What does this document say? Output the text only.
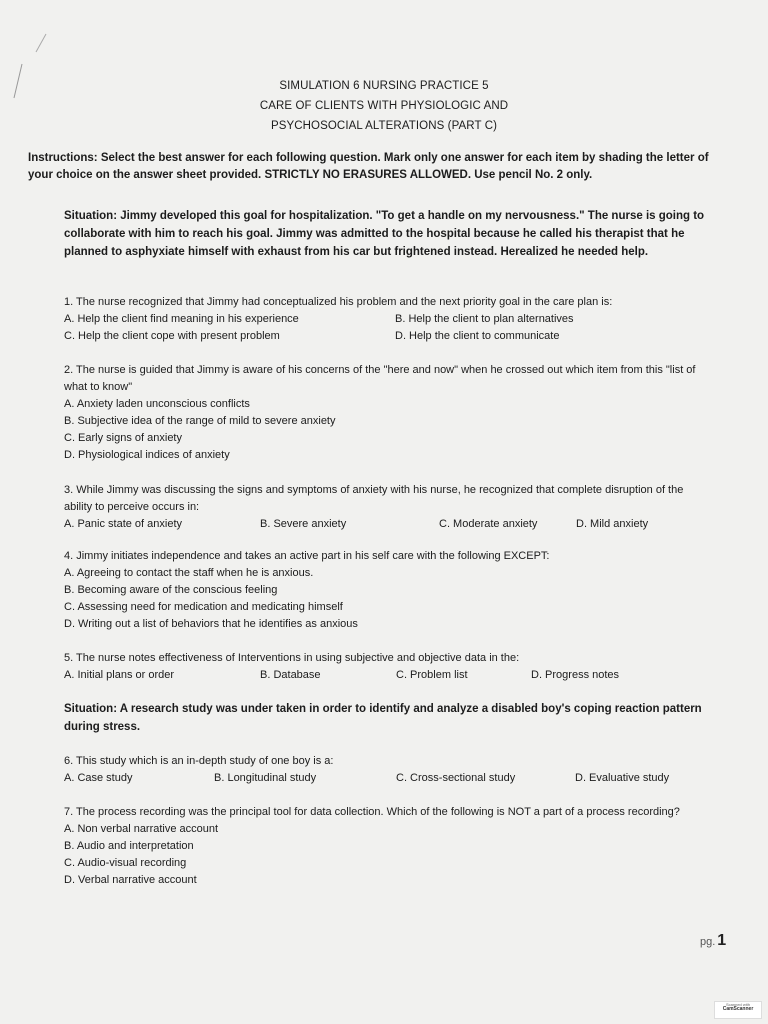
SIMULATION 6 NURSING PRACTICE 5
CARE OF CLIENTS WITH PHYSIOLOGIC AND
PSYCHOSOCIAL ALTERATIONS (PART C)
Instructions: Select the best answer for each following question. Mark only one answer for each item by shading the letter of your choice on the answer sheet provided. STRICTLY NO ERASURES ALLOWED. Use pencil No. 2 only.
Situation: Jimmy developed this goal for hospitalization. "To get a handle on my nervousness." The nurse is going to collaborate with him to reach his goal. Jimmy was admitted to the hospital because he called his therapist that he planned to asphyxiate himself with exhaust from his car but frightened instead. Herealized he needed help.
1. The nurse recognized that Jimmy had conceptualized his problem and the next priority goal in the care plan is:
A. Help the client find meaning in his experience	B. Help the client to plan alternatives
C. Help the client cope with present problem	D. Help the client to communicate
2. The nurse is guided that Jimmy is aware of his concerns of the "here and now" when he crossed out which item from this "list of what to know"
A. Anxiety laden unconscious conflicts
B. Subjective idea of the range of mild to severe anxiety
C. Early signs of anxiety
D. Physiological indices of anxiety
3. While Jimmy was discussing the signs and symptoms of anxiety with his nurse, he recognized that complete disruption of the ability to perceive occurs in:
A. Panic state of anxiety	B. Severe anxiety	C. Moderate anxiety	D. Mild anxiety
4. Jimmy initiates independence and takes an active part in his self care with the following EXCEPT:
A. Agreeing to contact the staff when he is anxious.
B. Becoming aware of the conscious feeling
C. Assessing need for medication and medicating himself
D. Writing out a list of behaviors that he identifies as anxious
5. The nurse notes effectiveness of Interventions in using subjective and objective data in the:
A. Initial plans or order	B. Database	C. Problem list	D. Progress notes
Situation: A research study was under taken in order to identify and analyze a disabled boy's coping reaction pattern during stress.
6. This study which is an in-depth study of one boy is a:
A. Case study	B. Longitudinal study	C. Cross-sectional study	D. Evaluative study
7. The process recording was the principal tool for data collection. Which of the following is NOT a part of a process recording?
A. Non verbal narrative account
B. Audio and interpretation
C. Audio-visual recording
D. Verbal narrative account
pg. 1
Scanned with
CamScanner
